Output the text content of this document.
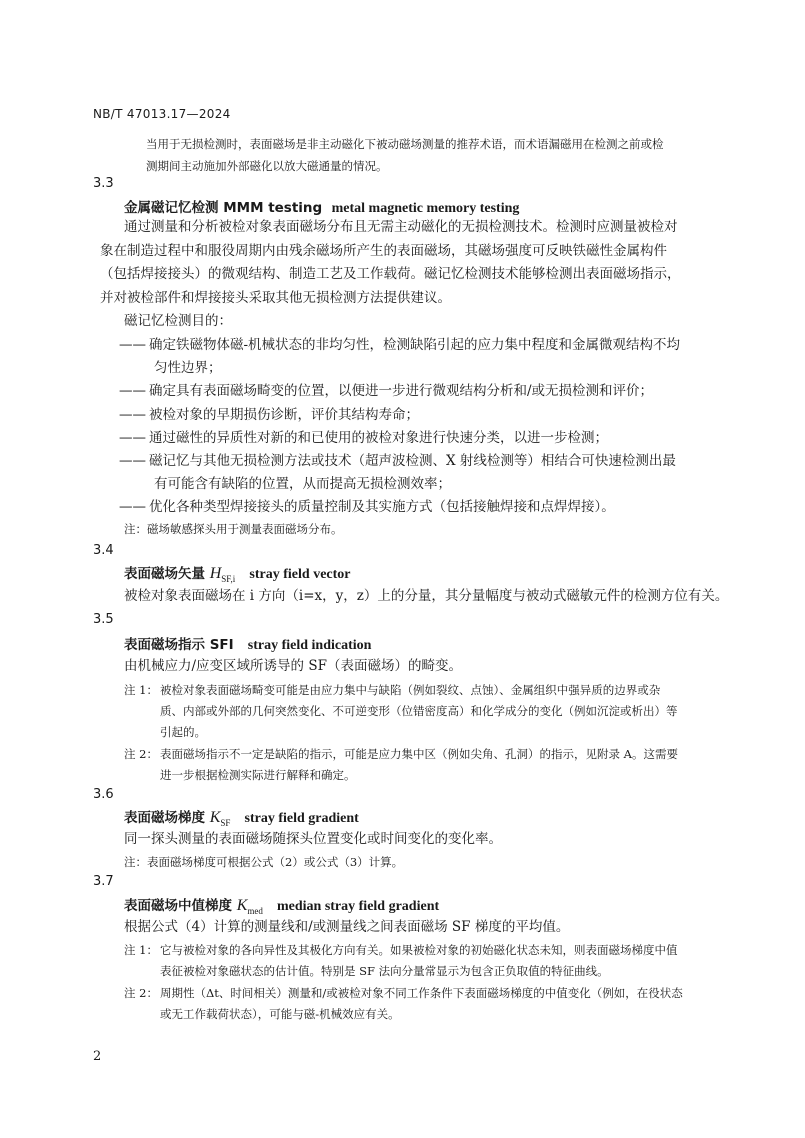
NB/T 47013.17—2024
当用于无损检测时，表面磁场是非主动磁化下被动磁场测量的推荐术语，而术语漏磁用在检测之前或检
测期间主动施加外部磁化以放大磁通量的情况。
3.3
金属磁记忆检测 MMM testing metal magnetic memory testing
通过测量和分析被检对象表面磁场分布且无需主动磁化的无损检测技术。检测时应测量被检对
象在制造过程中和服役周期内由残余磁场所产生的表面磁场，其磁场强度可反映铁磁性金属构件
（包括焊接接头）的微观结构、制造工艺及工作载荷。磁记忆检测技术能够检测出表面磁场指示，
并对被检部件和焊接接头采取其他无损检测方法提供建议。
磁记忆检测目的：
—— 确定铁磁物体磁-机械状态的非均匀性，检测缺陷引起的应力集中程度和金属微观结构不均
匀性边界；
—— 确定具有表面磁场畸变的位置，以便进一步进行微观结构分析和/或无损检测和评价；
—— 被检对象的早期损伤诊断，评价其结构寿命；
—— 通过磁性的异质性对新的和已使用的被检对象进行快速分类，以进一步检测；
—— 磁记忆与其他无损检测方法或技术（超声波检测、X 射线检测等）相结合可快速检测出最
有可能含有缺陷的位置，从而提高无损检测效率；
—— 优化各种类型焊接接头的质量控制及其实施方式（包括接触焊接和点焊焊接）。
注：磁场敏感探头用于测量表面磁场分布。
3.4
表面磁场矢量 $H_{SF,i}$ stray field vector
被检对象表面磁场在 i 方向（i=x，y，z）上的分量，其分量幅度与被动式磁敏元件的检测方位有关。
3.5
表面磁场指示 SFI stray field indication
由机械应力/应变区域所诱导的 SF（表面磁场）的畸变。
注 1： 被检对象表面磁场畸变可能是由应力集中与缺陷（例如裂纹、点蚀）、金属组织中强异质的边界或杂
质、内部或外部的几何突然变化、不可逆变形（位错密度高）和化学成分的变化（例如沉淀或析出）等
引起的。
注 2： 表面磁场指示不一定是缺陷的指示，可能是应力集中区（例如尖角、孔洞）的指示，见附录 A。这需要
进一步根据检测实际进行解释和确定。
3.6
表面磁场梯度 $K_{SF}$ stray field gradient
同一探头测量的表面磁场随探头位置变化或时间变化的变化率。
注：表面磁场梯度可根据公式（2）或公式（3）计算。
3.7
表面磁场中值梯度 $K_{med}$ median stray field gradient
根据公式（4）计算的测量线和/或测量线之间表面磁场 SF 梯度的平均值。
注 1： 它与被检对象的各向异性及其极化方向有关。如果被检对象的初始磁化状态未知，则表面磁场梯度中值
表征被检对象磁状态的估计值。特别是 SF 法向分量常显示为包含正负取值的特征曲线。
注 2： 周期性（Δt、时间相关）测量和/或被检对象不同工作条件下表面磁场梯度的中值变化（例如，在役状态
或无工作载荷状态），可能与磁-机械效应有关。
2
